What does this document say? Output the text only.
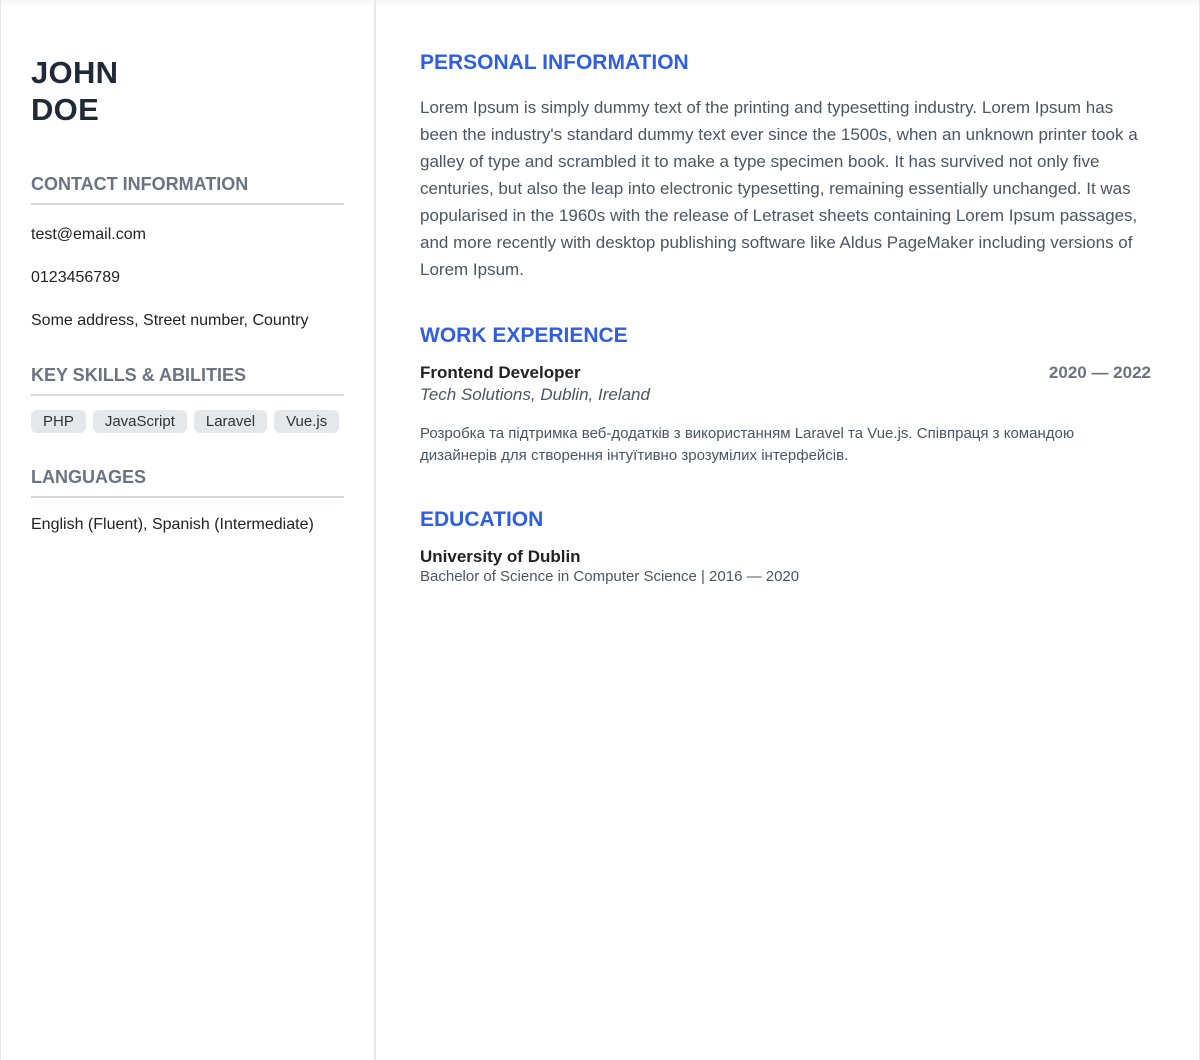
JOHN
DOE
CONTACT INFORMATION
test@email.com
0123456789
Some address, Street number, Country
KEY SKILLS & ABILITIES
PHP	JavaScript	Laravel	Vue.js
LANGUAGES
English (Fluent), Spanish (Intermediate)
PERSONAL INFORMATION

Lorem Ipsum is simply dummy text of the printing and typesetting industry. Lorem Ipsum has been the industry's standard dummy text ever since the 1500s, when an unknown printer took a galley of type and scrambled it to make a type specimen book. It has survived not only five centuries, but also the leap into electronic typesetting, remaining essentially unchanged. It was popularised in the 1960s with the release of Letraset sheets containing Lorem Ipsum passages, and more recently with desktop publishing software like Aldus PageMaker including versions of Lorem Ipsum.

WORK EXPERIENCE
Frontend Developer	2020 — 2022
Tech Solutions, Dublin, Ireland

Розробка та підтримка веб-додатків з використанням Laravel та Vue.js. Співпраця з командою дизайнерів для створення інтуїтивно зрозумілих інтерфейсів.

EDUCATION
University of Dublin
Bachelor of Science in Computer Science | 2016 — 2020
